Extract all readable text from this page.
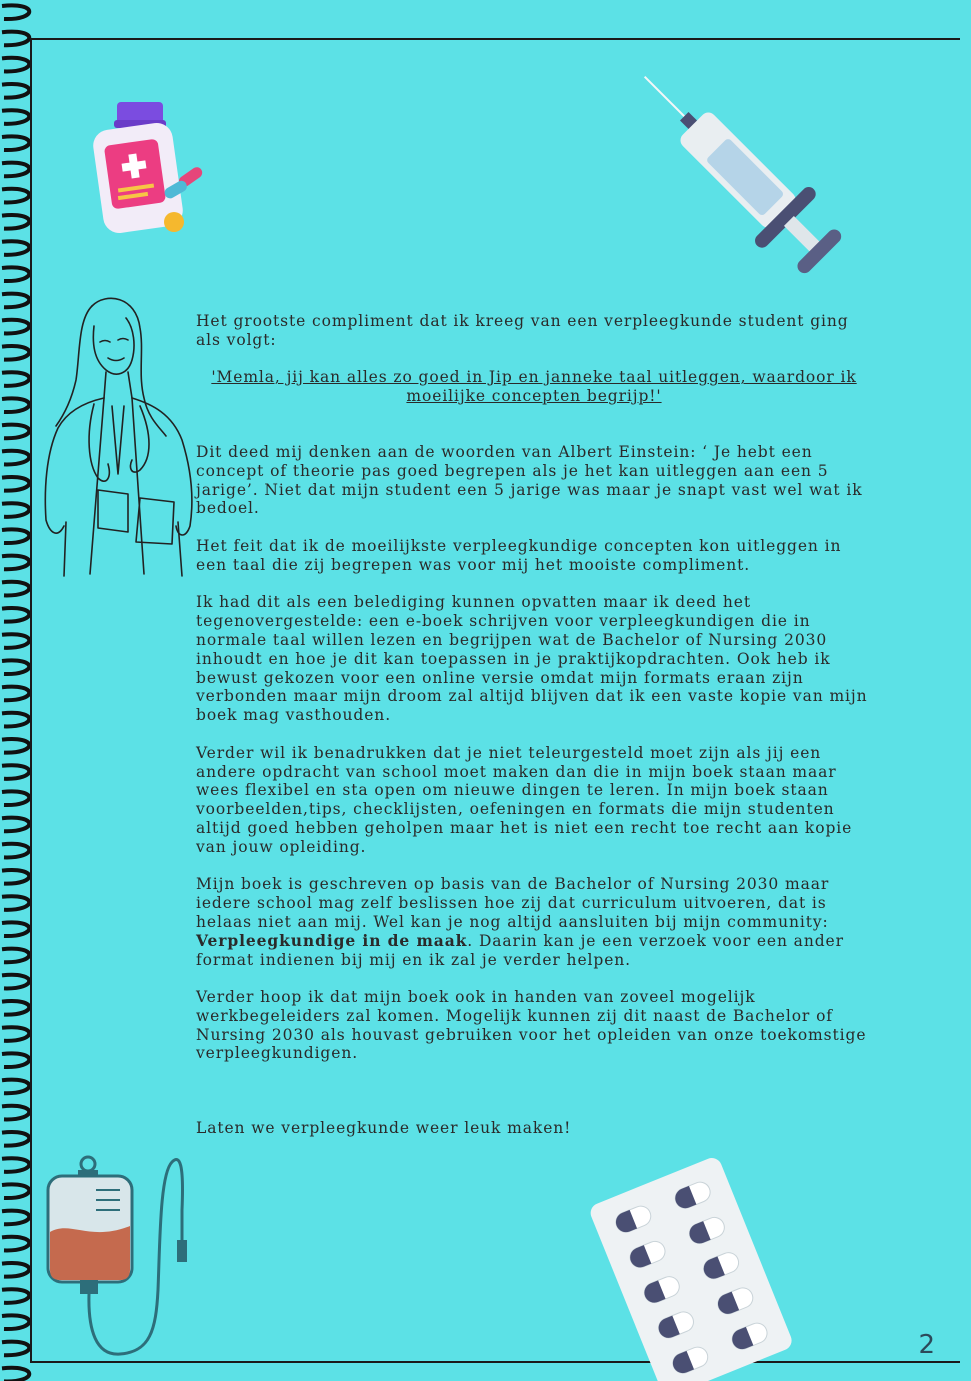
Het grootste compliment dat ik kreeg van een verpleegkunde student ging als volgt:

'Memla, jij kan alles zo goed in Jip en janneke taal uitleggen, waardoor ik moeilijke concepten begrijp!'

Dit deed mij denken aan de woorden van Albert Einstein: ‘ Je hebt een concept of theorie pas goed begrepen als je het kan uitleggen aan een 5 jarige’. Niet dat mijn student een 5 jarige was maar je snapt vast wel wat ik bedoel.

Het feit dat ik de moeilijkste verpleegkundige concepten kon uitleggen in een taal die zij begrepen was voor mij het mooiste compliment.

Ik had dit als een belediging kunnen opvatten maar ik deed het tegenovergestelde: een e-boek schrijven voor verpleegkundigen die in normale taal willen lezen en begrijpen wat de Bachelor of Nursing 2030 inhoudt en hoe je dit kan toepassen in je praktijkopdrachten. Ook heb ik bewust gekozen voor een online versie omdat mijn formats eraan zijn verbonden maar mijn droom zal altijd blijven dat ik een vaste kopie van mijn boek mag vasthouden.

Verder wil ik benadrukken dat je niet teleurgesteld moet zijn als jij een andere opdracht van school moet maken dan die in mijn boek staan maar wees flexibel en sta open om nieuwe dingen te leren. In mijn boek staan voorbeelden,tips, checklijsten, oefeningen en formats die mijn studenten altijd goed hebben geholpen maar het is niet een recht toe recht aan kopie van jouw opleiding.

Mijn boek is geschreven op basis van de Bachelor of Nursing 2030 maar iedere school mag zelf beslissen hoe zij dat curriculum uitvoeren, dat is helaas niet aan mij. Wel kan je nog altijd aansluiten bij mijn community: Verpleegkundige in de maak. Daarin kan je een verzoek voor een ander format indienen bij mij en ik zal je verder helpen.

Verder hoop ik dat mijn boek ook in handen van zoveel mogelijk werkbegeleiders zal komen. Mogelijk kunnen zij dit naast de Bachelor of Nursing 2030 als houvast gebruiken voor het opleiden van onze toekomstige verpleegkundigen.

Laten we verpleegkunde weer leuk maken!

2
